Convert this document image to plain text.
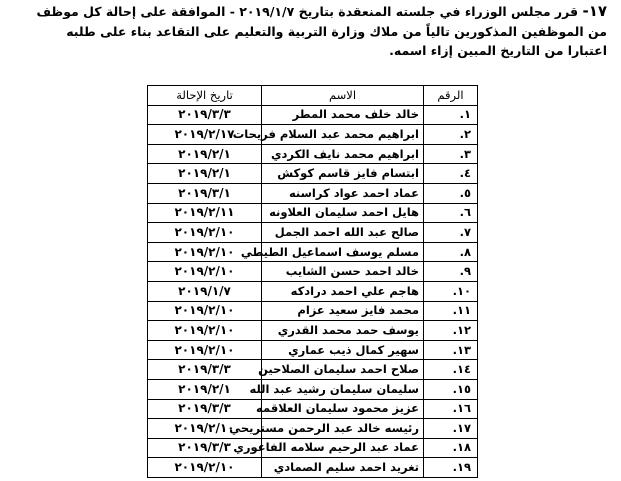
١٧- قرر مجلس الوزراء في جلسته المنعقدة بتاريخ ٢٠١٩/١/٧ - الموافقة على إحالة كل موظف
من الموظفين المذكورين تالياً من ملاك وزارة التربية والتعليم على التقاعد بناء على طلبه
اعتبارا من التاريخ المبين إزاء اسمه.

الرقم	الاسم	تاريخ الإحالة
١.	خالد خلف محمد المطر	٢٠١٩/٣/٣
٢.	ابراهيم محمد عبد السلام فريحات	٢٠١٩/٢/١٧
٣.	ابراهيم محمد نايف الكردي	٢٠١٩/٢/١
٤.	ابتسام فايز قاسم كوكش	٢٠١٩/٢/١
٥.	عماد احمد عواد كراسنه	٢٠١٩/٣/١
٦.	هايل احمد سليمان العلاونه	٢٠١٩/٢/١١
٧.	صالح عبد الله احمد الجمل	٢٠١٩/٢/١٠
٨.	مسلم يوسف اسماعيل الطيطي	٢٠١٩/٢/١٠
٩.	خالد احمد حسن الشايب	٢٠١٩/٢/١٠
١٠.	هاجم علي احمد درادكه	٢٠١٩/١/٧
١١.	محمد فايز سعيد عزام	٢٠١٩/٢/١٠
١٢.	يوسف حمد محمد القدري	٢٠١٩/٢/١٠
١٣.	سهير كمال ذيب عماري	٢٠١٩/٢/١٠
١٤.	صلاح احمد سليمان الصلاحين	٢٠١٩/٣/٣
١٥.	سليمان سليمان رشيد عبد الله	٢٠١٩/٢/١
١٦.	عزيز محمود سليمان العلاقمه	٢٠١٩/٣/٣
١٧.	رئيسه خالد عبد الرحمن مستريحي	٢٠١٩/٢/١٠
١٨.	عماد عبد الرحيم سلامه الفاعوري	٢٠١٩/٣/٣
١٩.	تغريد احمد سليم الصمادي	٢٠١٩/٢/١٠
